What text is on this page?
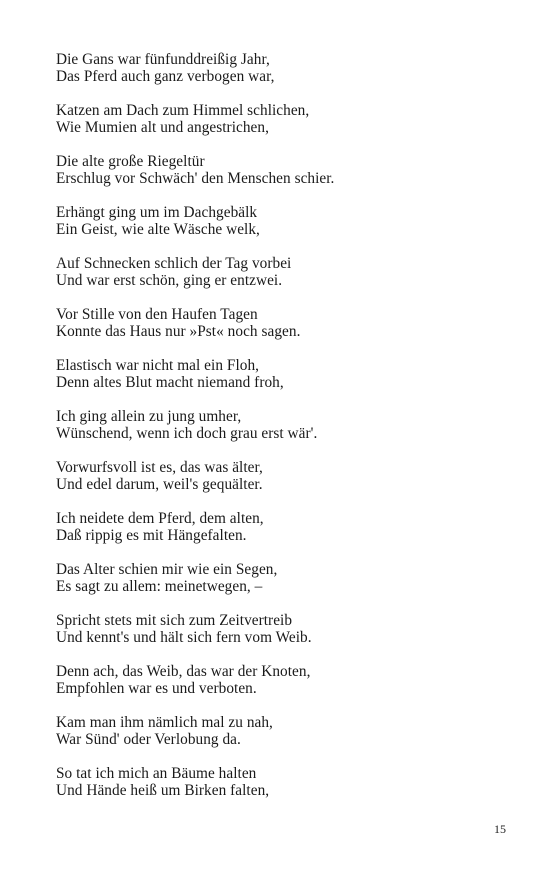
Die Gans war fünfunddreißig Jahr,
Das Pferd auch ganz verbogen war,
Katzen am Dach zum Himmel schlichen,
Wie Mumien alt und angestrichen,
Die alte große Riegeltür
Erschlug vor Schwäch' den Menschen schier.
Erhängt ging um im Dachgebälk
Ein Geist, wie alte Wäsche welk,
Auf Schnecken schlich der Tag vorbei
Und war erst schön, ging er entzwei.
Vor Stille von den Haufen Tagen
Konnte das Haus nur »Pst« noch sagen.
Elastisch war nicht mal ein Floh,
Denn altes Blut macht niemand froh,
Ich ging allein zu jung umher,
Wünschend, wenn ich doch grau erst wär'.
Vorwurfsvoll ist es, das was älter,
Und edel darum, weil's gequälter.
Ich neidete dem Pferd, dem alten,
Daß rippig es mit Hängefalten.
Das Alter schien mir wie ein Segen,
Es sagt zu allem: meinetwegen, –
Spricht stets mit sich zum Zeitvertreib
Und kennt's und hält sich fern vom Weib.
Denn ach, das Weib, das war der Knoten,
Empfohlen war es und verboten.
Kam man ihm nämlich mal zu nah,
War Sünd' oder Verlobung da.
So tat ich mich an Bäume halten
Und Hände heiß um Birken falten,
15
